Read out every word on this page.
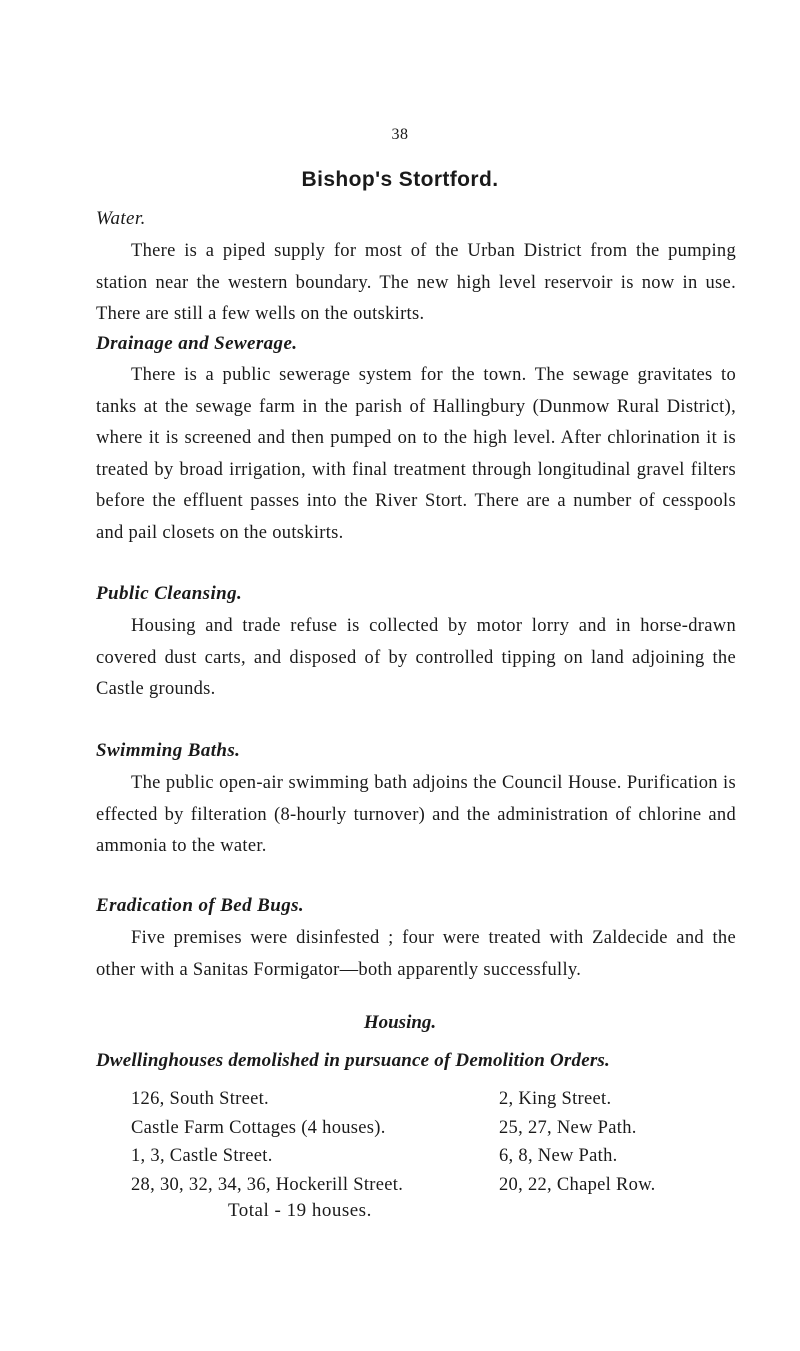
38
Bishop's Stortford.
Water.

There is a piped supply for most of the Urban District from the pumping station near the western boundary. The new high level reservoir is now in use. There are still a few wells on the outskirts.

Drainage and Sewerage.

There is a public sewerage system for the town. The sewage gravitates to tanks at the sewage farm in the parish of Hallingbury (Dunmow Rural District), where it is screened and then pumped on to the high level. After chlorination it is treated by broad irrigation, with final treatment through longitudinal gravel filters before the effluent passes into the River Stort. There are a number of cesspools and pail closets on the outskirts.

Public Cleansing.

Housing and trade refuse is collected by motor lorry and in horse-drawn covered dust carts, and disposed of by controlled tipping on land adjoining the Castle grounds.

Swimming Baths.

The public open-air swimming bath adjoins the Council House. Purification is effected by filteration (8-hourly turnover) and the administration of chlorine and ammonia to the water.

Eradication of Bed Bugs.

Five premises were disinfested ; four were treated with Zaldecide and the other with a Sanitas Formigator—both apparently successfully.

Housing.
Dwellinghouses demolished in pursuance of Demolition Orders.
126, South Street.
Castle Farm Cottages (4 houses).
1, 3, Castle Street.
28, 30, 32, 34, 36, Hockerill Street.
2, King Street.
25, 27, New Path.
6, 8, New Path.
20, 22, Chapel Row.
Total - 19 houses.
